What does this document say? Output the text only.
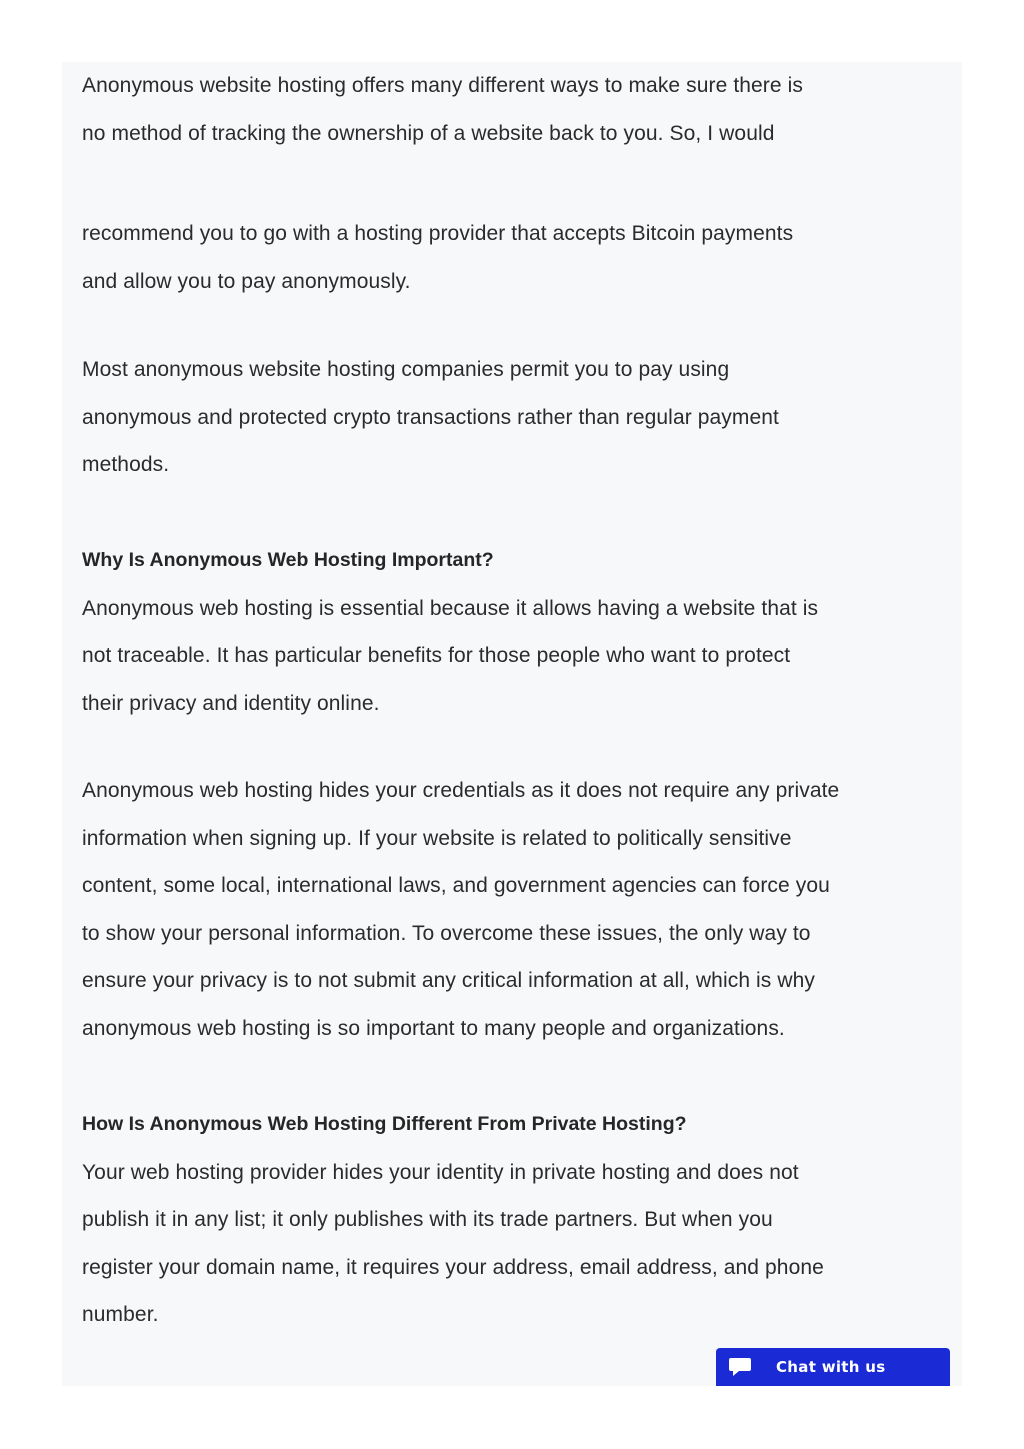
Anonymous website hosting offers many different ways to make sure there is

no method of tracking the ownership of a website back to you. So, I would

recommend you to go with a hosting provider that accepts Bitcoin payments

and allow you to pay anonymously.

Most anonymous website hosting companies permit you to pay using

anonymous and protected crypto transactions rather than regular payment

methods.

Why Is Anonymous Web Hosting Important?

Anonymous web hosting is essential because it allows having a website that is

not traceable. It has particular benefits for those people who want to protect

their privacy and identity online.

Anonymous web hosting hides your credentials as it does not require any private

information when signing up. If your website is related to politically sensitive

content, some local, international laws, and government agencies can force you

to show your personal information. To overcome these issues, the only way to

ensure your privacy is to not submit any critical information at all, which is why

anonymous web hosting is so important to many people and organizations.

How Is Anonymous Web Hosting Different From Private Hosting?

Your web hosting provider hides your identity in private hosting and does not

publish it in any list; it only publishes with its trade partners. But when you

register your domain name, it requires your address, email address, and phone

number.

Chat with us
